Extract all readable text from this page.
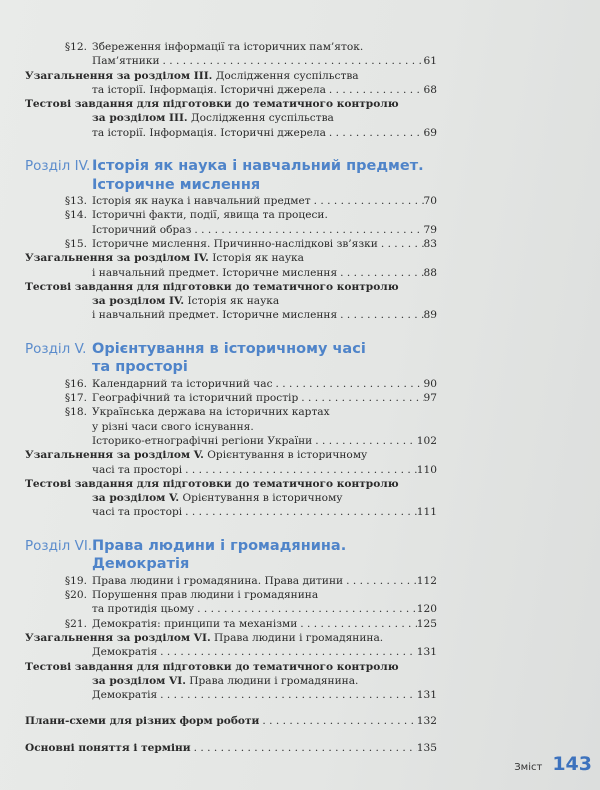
§12. Збереження інформації та історичних пам’яток.
Пам’ятники . . .	61
Узагальнення за розділом III. Дослідження суспільства
та історії. Інформація. Історичні джерела . . .	68
Тестові завдання для підготовки до тематичного контролю
за розділом III. Дослідження суспільства
та історії. Інформація. Історичні джерела . . .	69
Розділ IV. Історія як наука і навчальний предмет.
Історичне мислення
§13. Історія як наука і навчальний предмет . . .	70
§14. Історичні факти, події, явища та процеси.
Історичний образ . . .	79
§15. Історичне мислення. Причинно-наслідкові зв’язки . . .	83
Узагальнення за розділом IV. Історія як наука
і навчальний предмет. Історичне мислення . . .	88
Тестові завдання для підготовки до тематичного контролю
за розділом IV. Історія як наука
і навчальний предмет. Історичне мислення . . .	89
Розділ V. Орієнтування в історичному часі
та просторі
§16. Календарний та історичний час . . .	90
§17. Географічний та історичний простір . . .	97
§18. Українська держава на історичних картах
у різні часи свого існування.
Історико-етнографічні регіони України . . .	102
Узагальнення за розділом V. Орієнтування в історичному
часі та просторі . . .	110
Тестові завдання для підготовки до тематичного контролю
за розділом V. Орієнтування в історичному
часі та просторі . . .	111
Розділ VI. Права людини і громадянина. Демократія
§19. Права людини і громадянина. Права дитини . . .	112
§20. Порушення прав людини і громадянина
та протидія цьому . . .	120
§21. Демократія: принципи та механізми . . .	125
Узагальнення за розділом VI. Права людини і громадянина.
Демократія . . .	131
Тестові завдання для підготовки до тематичного контролю
за розділом VI. Права людини і громадянина.
Демократія . . .	131
Плани-схеми для різних форм роботи . . .	132
Основні поняття і терміни . . .	135
Зміст 143
